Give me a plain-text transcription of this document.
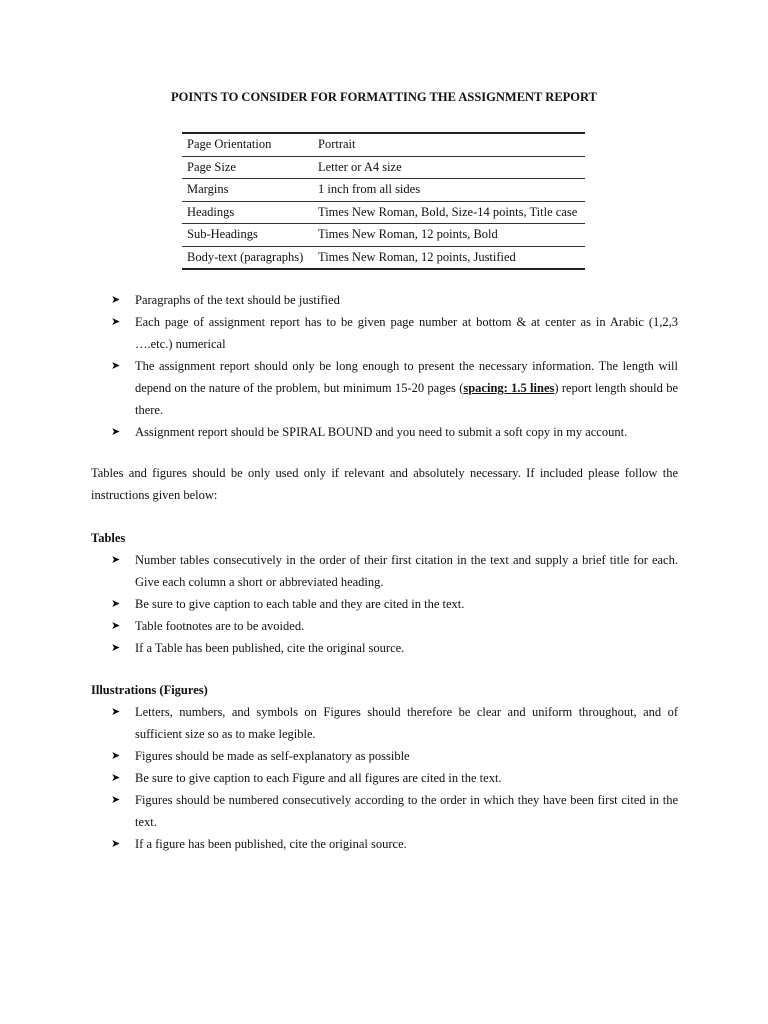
POINTS TO CONSIDER FOR FORMATTING THE ASSIGNMENT REPORT
Page Orientation	Portrait
Page Size	Letter or A4 size
Margins	1 inch from all sides
Headings	Times New Roman, Bold, Size-14 points, Title case
Sub-Headings	Times New Roman, 12 points, Bold
Body-text (paragraphs)	Times New Roman, 12 points, Justified
➤	Paragraphs of the text should be justified
➤	Each page of assignment report has to be given page number at bottom & at center as in Arabic (1,2,3 ….etc.) numerical
➤	The assignment report should only be long enough to present the necessary information. The length will depend on the nature of the problem, but minimum 15-20 pages (spacing: 1.5 lines) report length should be there.
➤	Assignment report should be SPIRAL BOUND and you need to submit a soft copy in my account.
Tables and figures should be only used only if relevant and absolutely necessary. If included please follow the instructions given below:
Tables
➤	Number tables consecutively in the order of their first citation in the text and supply a brief title for each. Give each column a short or abbreviated heading.
➤	Be sure to give caption to each table and they are cited in the text.
➤	Table footnotes are to be avoided.
➤	If a Table has been published, cite the original source.
Illustrations (Figures)
➤	Letters, numbers, and symbols on Figures should therefore be clear and uniform throughout, and of sufficient size so as to make legible.
➤	Figures should be made as self-explanatory as possible
➤	Be sure to give caption to each Figure and all figures are cited in the text.
➤	Figures should be numbered consecutively according to the order in which they have been first cited in the text.
➤	If a figure has been published, cite the original source.
